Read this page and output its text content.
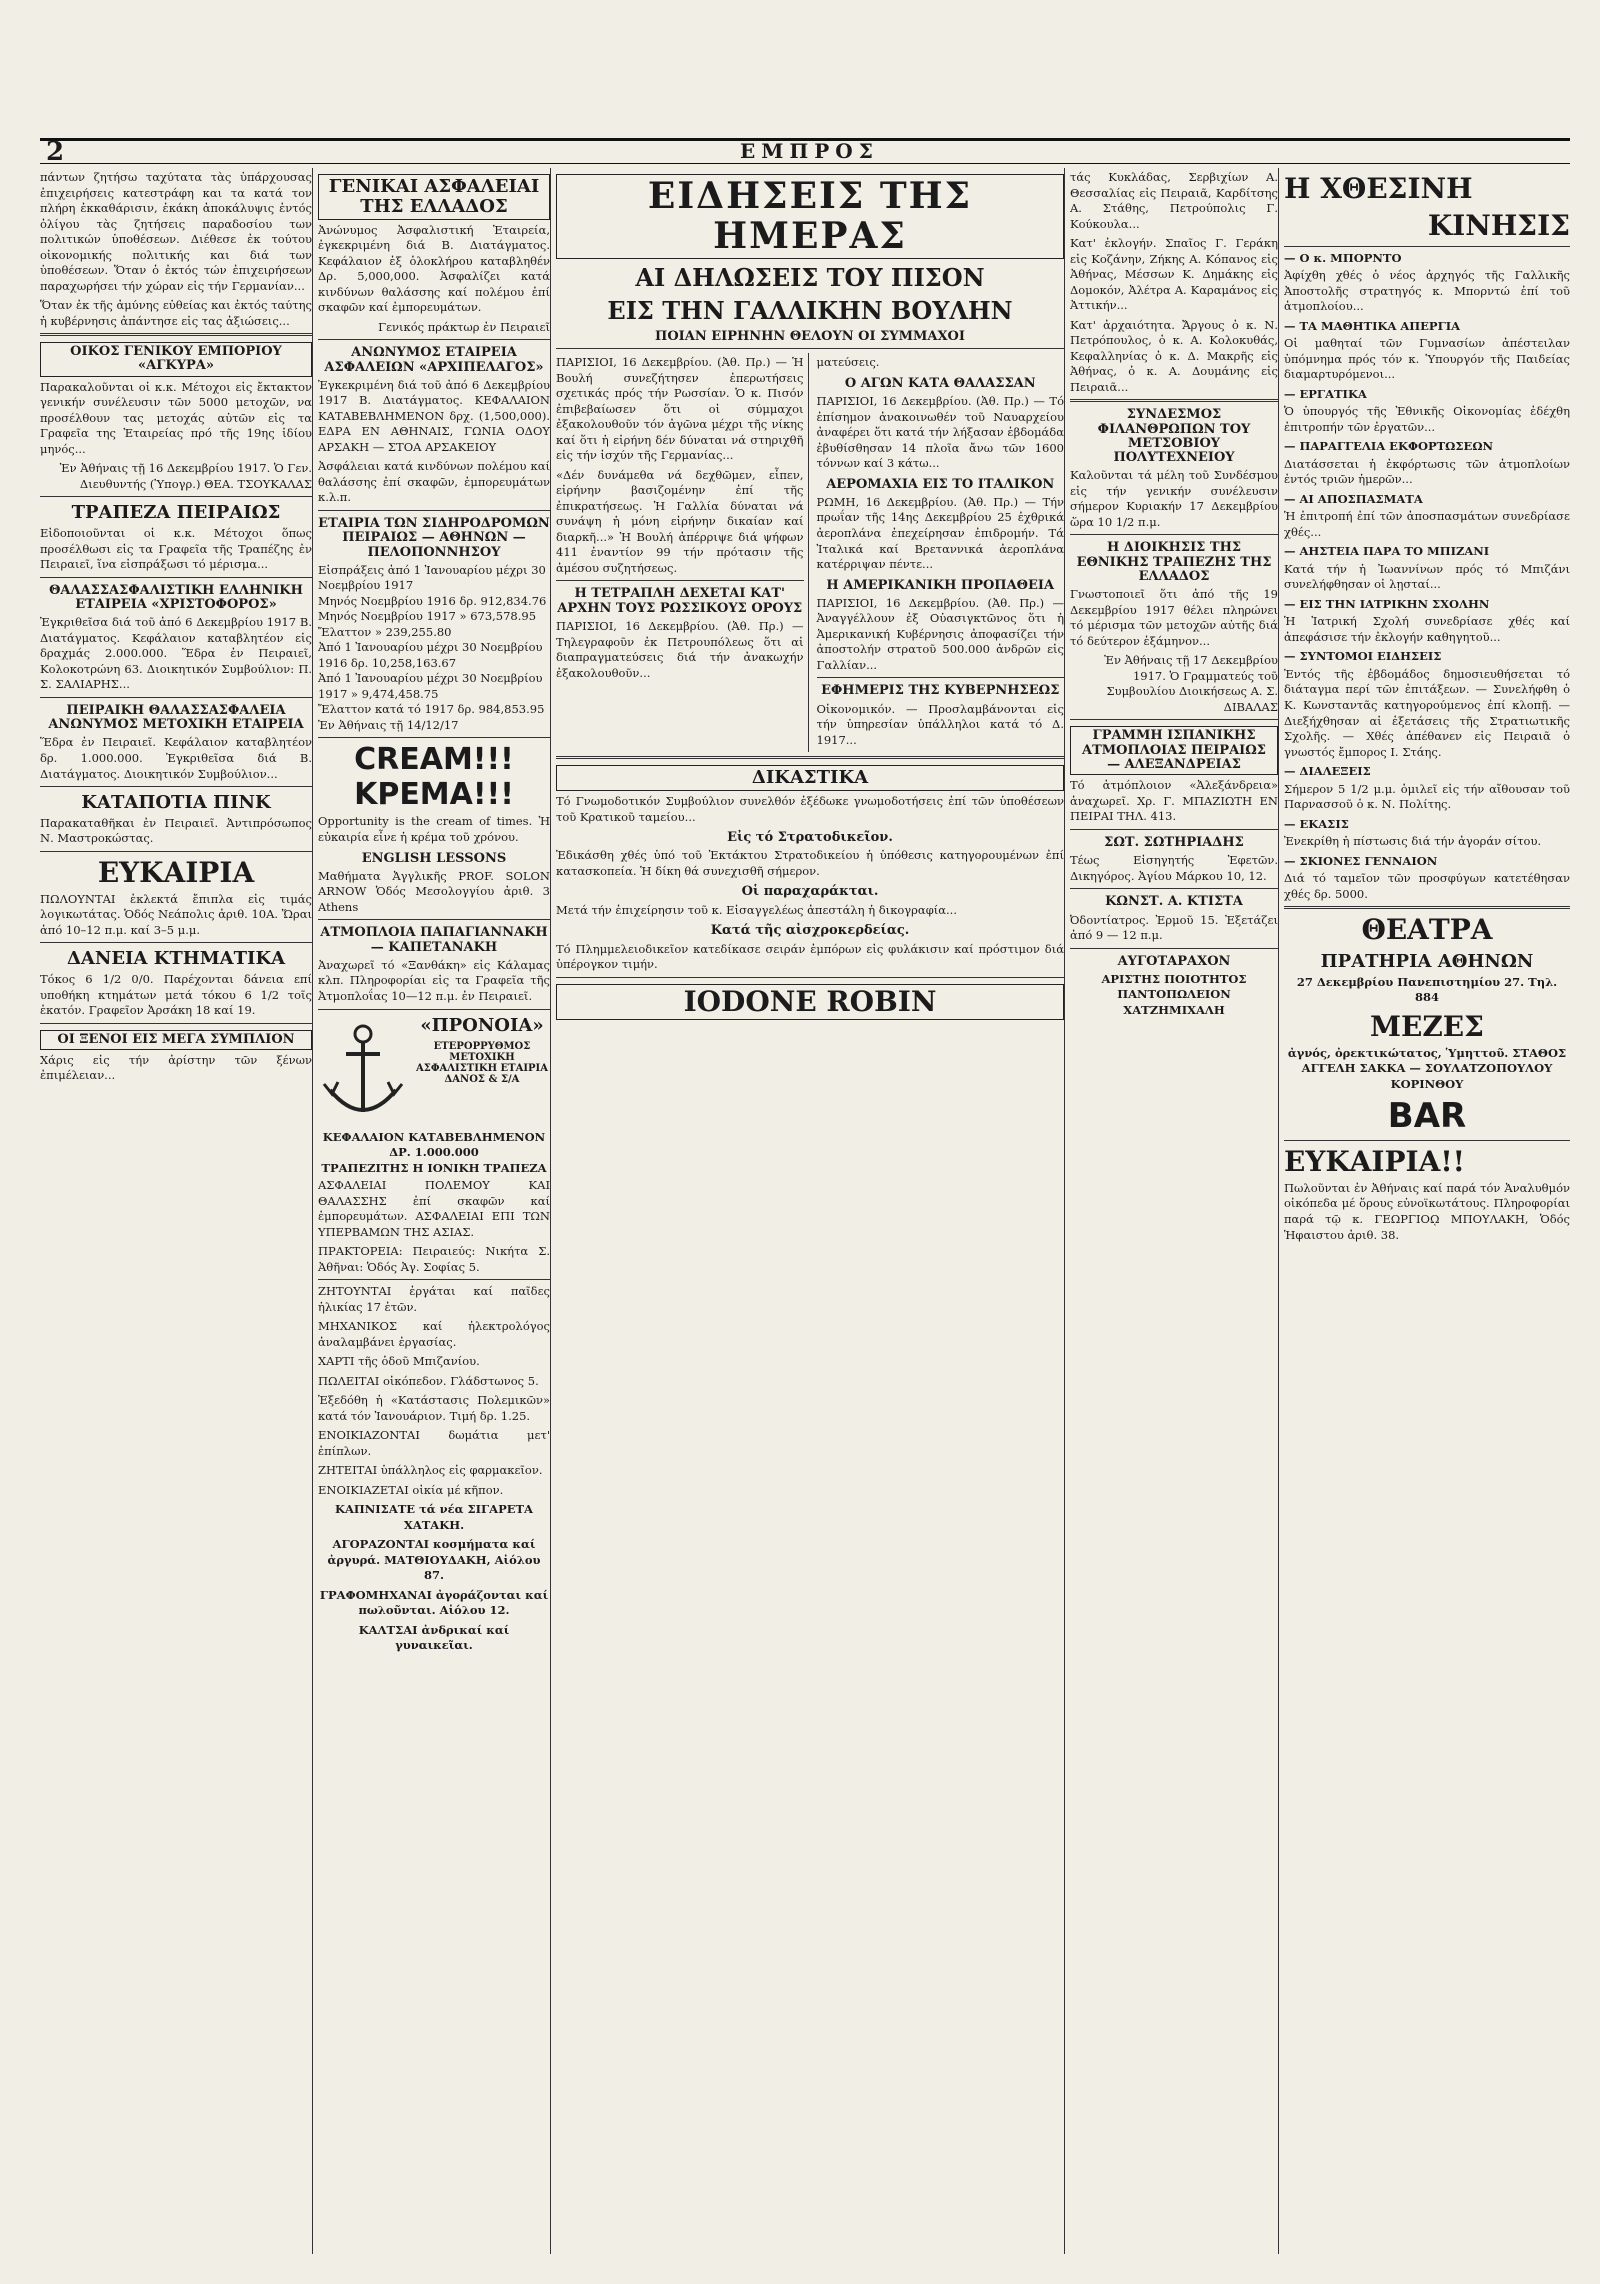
2	ΕΜΠΡΟΣ

πάντων ζητήσω ταχύτατα τὰς ὑπάρχουσας ἐπιχειρήσεις κατεστράφη και τα κατά τον πλήρη ἐκκαθάρισιν, ἐκάκη ἀποκάλυψις ἐντός ὀλίγου τὰς ζητήσεις παραδοσίου των πολιτικών ὑποθέσεων. Διέθεσε ἐκ τούτου οἰκονομικής πολιτικής και διά των ὑποθέσεων. Ὅταν ὁ ἐκτός τών ἐπιχειρήσεων παραχωρήσει τήν χώραν εἰς τήν Γερμανίαν...

Ὅταν ἐκ τῆς ἀμύνης εὐθείας και ἐκτός ταύτης ἡ κυβέρνησις ἀπάντησε εἰς τας ἀξιώσεις...

ΟΙΚΟΣ ΓΕΝΙΚΟΥ ΕΜΠΟΡΙΟΥ «ΑΓΚΥΡΑ»

Παρακαλοῦνται οἱ κ.κ. Μέτοχοι εἰς ἔκτακτον γενικήν συνέλευσιν τῶν 5000 μετοχῶν, να προσέλθουν τας μετοχάς αὐτῶν εἰς τα Γραφεῖα της Ἑταιρείας πρό τῆς 19ης ἰδίου μηνός...

Ἐν Ἀθήναις τῇ 16 Δεκεμβρίου 1917. Ὁ Γεν. Διευθυντής (Ὑπογρ.) ΘΕΑ. ΤΣΟΥΚΑΛΑΣ

ΤΡΑΠΕΖΑ ΠΕΙΡΑΙΩΣ

Εἰδοποιοῦνται οἱ κ.κ. Μέτοχοι ὅπως προσέλθωσι εἰς τα Γραφεῖα τῆς Τραπέζης ἐν Πειραιεῖ, ἵνα εἰσπράξωσι τό μέρισμα...

ΘΑΛΑΣΣΑΣΦΑΛΙΣΤΙΚΗ ΕΛΛΗΝΙΚΗ ΕΤΑΙΡΕΙΑ «ΧΡΙΣΤΟΦΟΡΟΣ»

Ἐγκριθεῖσα διά τοῦ ἀπό 6 Δεκεμβρίου 1917 Β. Διατάγματος. Κεφάλαιον καταβλητέον εἰς δραχμάς 2.000.000. Ἕδρα ἐν Πειραιεῖ, Κολοκοτρώνη 63. Διοικητικόν Συμβούλιον: Π. Σ. ΣΑΛΙΑΡΗΣ...

ΠΕΙΡΑΙΚΗ ΘΑΛΑΣΣΑΣΦΑΛΕΙΑ ΑΝΩΝΥΜΟΣ ΜΕΤΟΧΙΚΗ ΕΤΑΙΡΕΙΑ

Ἕδρα ἐν Πειραιεῖ. Κεφάλαιον καταβλητέον δρ. 1.000.000. Ἐγκριθεῖσα διά Β. Διατάγματος. Διοικητικόν Συμβούλιον...

ΚΑΤΑΠΟΤΙΑ ΠΙΝΚ

Παρακαταθῆκαι ἐν Πειραιεῖ. Ἀντιπρόσωπος Ν. Μαστροκώστας.

ΕΥΚΑΙΡΙΑ

ΠΩΛΟΥΝΤΑΙ ἐκλεκτά ἔπιπλα εἰς τιμάς λογικωτάτας. Ὁδός Νεάπολις ἀριθ. 10Α. Ὥραι ἀπό 10–12 π.μ. καί 3–5 μ.μ.

ΔΑΝΕΙΑ ΚΤΗΜΑΤΙΚΑ

Τόκος 6 1/2 0/0. Παρέχονται δάνεια επί υποθήκη κτημάτων μετά τόκου 6 1/2 τοῖς ἑκατόν. Γραφεῖον Ἀρσάκη 18 καί 19.

ΟΙ ΞΕΝΟΙ ΕΙΣ ΜΕΓΑ ΣΥΜΠΛΙΟΝ

Χάρις εἰς τήν ἀρίστην τῶν ξένων ἐπιμέλειαν...

ΓΕΝΙΚΑΙ ΑΣΦΑΛΕΙΑΙ ΤΗΣ ΕΛΛΑΔΟΣ

Ἀνώνυμος Ἀσφαλιστική Ἑταιρεία, ἐγκεκριμένη διά Β. Διατάγματος. Κεφάλαιον ἐξ ὁλοκλήρου καταβληθέν Δρ. 5,000,000. Ἀσφαλίζει κατά κινδύνων θαλάσσης καί πολέμου ἐπί σκαφῶν καί ἐμπορευμάτων.

Γενικός πράκτωρ ἐν Πειραιεῖ

ΑΝΩΝΥΜΟΣ ΕΤΑΙΡΕΙΑ ΑΣΦΑΛΕΙΩΝ «ΑΡΧΙΠΕΛΑΓΟΣ»

Ἐγκεκριμένη διά τοῦ ἀπό 6 Δεκεμβρίου 1917 Β. Διατάγματος. ΚΕΦΑΛΑΙΟΝ ΚΑΤΑΒΕΒΛΗΜΕΝΟΝ δρχ. (1,500,000). ΕΔΡΑ ΕΝ ΑΘΗΝΑΙΣ, ΓΩΝΙΑ ΟΔΟΥ ΑΡΣΑΚΗ — ΣΤΟΑ ΑΡΣΑΚΕΙΟΥ

Ἀσφάλειαι κατά κινδύνων πολέμου καί θαλάσσης ἐπί σκαφῶν, ἐμπορευμάτων κ.λ.π.

ΕΤΑΙΡΙΑ ΤΩΝ ΣΙΔΗΡΟΔΡΟΜΩΝ ΠΕΙΡΑΙΩΣ — ΑΘΗΝΩΝ — ΠΕΛΟΠΟΝΝΗΣΟΥ
Εἰσπράξεις ἀπό 1 Ἰανουαρίου μέχρι 30 Νοεμβρίου 1917
Μηνός Νοεμβρίου 1916 δρ. 912,834.76
Μηνός Νοεμβρίου 1917 » 673,578.95
Ἔλαττον » 239,255.80
Ἀπό 1 Ἰανουαρίου μέχρι 30 Νοεμβρίου 1916 δρ. 10,258,163.67
Ἀπό 1 Ἰανουαρίου μέχρι 30 Νοεμβρίου 1917 » 9,474,458.75
Ἔλαττον κατά τό 1917 δρ. 984,853.95
Ἐν Ἀθήναις τῇ 14/12/17
CREAM!!! ΚΡΕΜΑ!!!

Opportunity is the cream of times. Ἡ εὐκαιρία εἶνε ἡ κρέμα τοῦ χρόνου.

ENGLISH LESSONS

Μαθήματα Ἀγγλικῆς PROF. SOLON ARNOW Ὁδός Μεσολογγίου ἀριθ. 3 Athens

ΑΤΜΟΠΛΟΙΑ ΠΑΠΑΓΙΑΝΝΑΚΗ — ΚΑΠΕΤΑΝΑΚΗ

Ἀναχωρεῖ τό «Ξανθάκη» εἰς Κάλαμας κλπ. Πληροφορίαι εἰς τα Γραφεῖα τῆς Ἀτμοπλοΐας 10—12 π.μ. ἐν Πειραιεῖ.

«ΠΡΟΝΟΙΑ»
ΕΤΕΡΟΡΡΥΘΜΟΣ ΜΕΤΟΧΙΚΗ ΑΣΦΑΛΙΣΤΙΚΗ ΕΤΑΙΡΙΑ ΔΑΝΟΣ & Σ/Α
ΚΕΦΑΛΑΙΟΝ ΚΑΤΑΒΕΒΛΗΜΕΝΟΝ ΔΡ. 1.000.000
ΤΡΑΠΕΖΙΤΗΣ Η ΙΟΝΙΚΗ ΤΡΑΠΕΖΑ

ΑΣΦΑΛΕΙΑΙ ΠΟΛΕΜΟΥ ΚΑΙ ΘΑΛΑΣΣΗΣ ἐπί σκαφῶν καί ἐμπορευμάτων. ΑΣΦΑΛΕΙΑΙ ΕΠΙ ΤΩΝ ΥΠΕΡΒΑΜΩΝ ΤΗΣ ΑΣΙΑΣ.

ΠΡΑΚΤΟΡΕΙΑ: Πειραιεύς: Νικήτα Σ. Ἀθῆναι: Ὁδός Ἀγ. Σοφίας 5.

ΖΗΤΟΥΝΤΑΙ ἐργάται καί παῖδες ἡλικίας 17 ἐτῶν.

ΜΗΧΑΝΙΚΟΣ καί ἠλεκτρολόγος ἀναλαμβάνει ἐργασίας.

ΧΑΡΤΙ τῆς ὁδοῦ Μπιζανίου.

ΠΩΛΕΙΤΑΙ οἰκόπεδον. Γλάδστωνος 5.

Ἐξεδόθη ἡ «Κατάστασις Πολεμικῶν» κατά τόν Ἰανουάριον. Τιμή δρ. 1.25.

ΕΝΟΙΚΙΑΖΟΝΤΑΙ δωμάτια μετ' ἐπίπλων.

ΖΗΤΕΙΤΑΙ ὑπάλληλος εἰς φαρμακεῖον.

ΕΝΟΙΚΙΑΖΕΤΑΙ οἰκία μέ κῆπον.

ΚΑΠΝΙΣΑΤΕ τά νέα ΣΙΓΑΡΕΤΑ ΧΑΤΑΚΗ.

ΑΓΟΡΑΖΟΝΤΑΙ κοσμήματα καί ἀργυρά. ΜΑΤΘΙΟΥΔΑΚΗ, Αἰόλου 87.

ΓΡΑΦΟΜΗΧΑΝΑΙ ἀγοράζονται καί πωλοῦνται. Αἰόλου 12.

ΚΑΛΤΣΑΙ ἀνδρικαί καί γυναικεῖαι.

ΕΙΔΗΣΕΙΣ ΤΗΣ ΗΜΕΡΑΣ
ΑΙ ΔΗΛΩΣΕΙΣ ΤΟΥ ΠΙΣΟΝ
ΕΙΣ ΤΗΝ ΓΑΛΛΙΚΗΝ ΒΟΥΛΗΝ
ΠΟΙΑΝ ΕΙΡΗΝΗΝ ΘΕΛΟΥΝ ΟΙ ΣΥΜΜΑΧΟΙ

ΠΑΡΙΣΙΟΙ, 16 Δεκεμβρίου. (Ἀθ. Πρ.) — Ἡ Βουλή συνεζήτησεν ἐπερωτήσεις σχετικάς πρός τήν Ρωσσίαν. Ὁ κ. Πισόν ἐπιβεβαίωσεν ὅτι οἱ σύμμαχοι ἐξακολουθοῦν τόν ἀγῶνα μέχρι τῆς νίκης καί ὅτι ἡ εἰρήνη δέν δύναται νά στηριχθῆ εἰς τήν ἰσχύν τῆς Γερμανίας...

«Δέν δυνάμεθα νά δεχθῶμεν, εἶπεν, εἰρήνην βασιζομένην ἐπί τῆς ἐπικρατήσεως. Ἡ Γαλλία δύναται νά συνάψη ἡ μόνη εἰρήνην δικαίαν καί διαρκῆ...» Ἡ Βουλή ἀπέρριψε διά ψήφων 411 ἐναντίον 99 τήν πρότασιν τῆς ἀμέσου συζητήσεως.

Η ΤΕΤΡΑΠΛΗ ΔΕΧΕΤΑΙ ΚΑΤ' ΑΡΧΗΝ ΤΟΥΣ ΡΩΣΣΙΚΟΥΣ ΟΡΟΥΣ

ΠΑΡΙΣΙΟΙ, 16 Δεκεμβρίου. (Ἀθ. Πρ.) — Τηλεγραφοῦν ἐκ Πετρουπόλεως ὅτι αἱ διαπραγματεύσεις διά τήν ἀνακωχήν ἐξακολουθοῦν...

ματεύσεις.

Ο ΑΓΩΝ ΚΑΤΑ ΘΑΛΑΣΣΑΝ

ΠΑΡΙΣΙΟΙ, 16 Δεκεμβρίου. (Ἀθ. Πρ.) — Τό ἐπίσημον ἀνακοινωθέν τοῦ Ναυαρχείου ἀναφέρει ὅτι κατά τήν λήξασαν ἑβδομάδα ἐβυθίσθησαν 14 πλοῖα ἄνω τῶν 1600 τόννων καί 3 κάτω...

ΑΕΡΟΜΑΧΙΑ ΕΙΣ ΤΟ ΙΤΑΛΙΚΟΝ

ΡΩΜΗ, 16 Δεκεμβρίου. (Ἀθ. Πρ.) — Τήν πρωΐαν τῆς 14ης Δεκεμβρίου 25 ἐχθρικά ἀεροπλάνα ἐπεχείρησαν ἐπιδρομήν. Τά Ἰταλικά καί Βρεταννικά ἀεροπλάνα κατέρριψαν πέντε...

Η ΑΜΕΡΙΚΑΝΙΚΗ ΠΡΟΠΑΘΕΙΑ

ΠΑΡΙΣΙΟΙ, 16 Δεκεμβρίου. (Ἀθ. Πρ.) — Ἀναγγέλλουν ἐξ Οὐασιγκτῶνος ὅτι ἡ Ἀμερικανική Κυβέρνησις ἀποφασίζει τήν ἀποστολήν στρατοῦ 500.000 ἀνδρῶν εἰς Γαλλίαν...

ΕΦΗΜΕΡΙΣ ΤΗΣ ΚΥΒΕΡΝΗΣΕΩΣ

Οἰκονομικόν. — Προσλαμβάνονται εἰς τήν ὑπηρεσίαν ὑπάλληλοι κατά τό Δ. 1917...

ΔΙΚΑΣΤΙΚΑ

Τό Γνωμοδοτικόν Συμβούλιον συνελθόν ἐξέδωκε γνωμοδοτήσεις ἐπί τῶν ὑποθέσεων τοῦ Κρατικοῦ ταμείου...

Εἰς τό Στρατοδικεῖον.

Ἐδικάσθη χθές ὑπό τοῦ Ἐκτάκτου Στρατοδικείου ἡ ὑπόθεσις κατηγορουμένων ἐπί κατασκοπεία. Ἡ δίκη θά συνεχισθῆ σήμερον.

Οἱ παραχαράκται.

Μετά τήν ἐπιχείρησιν τοῦ κ. Εἰσαγγελέως ἀπεστάλη ἡ δικογραφία...

Κατά τῆς αἰσχροκερδείας.

Τό Πλημμελειοδικεῖον κατεδίκασε σειράν ἐμπόρων εἰς φυλάκισιν καί πρόστιμον διά ὑπέρογκον τιμήν.

IODONE ROBIN

τάς Κυκλάδας, Σερβιχίων Α. Θεσσαλίας εἰς Πειραιᾶ, Καρδίτσης Α. Στάθης, Πετρούπολις Γ. Κούκουλα...

Κατ' ἐκλογήν. Σπαῖος Γ. Γεράκη εἰς Κοζάνην, Ζήκης Α. Κόπανος εἰς Ἀθήνας, Μέσσων Κ. Δημάκης εἰς Δομοκόν, Ἀλέτρα Α. Καραμάνος εἰς Ἀττικήν...

Κατ' ἀρχαιότητα. Ἄργους ὁ κ. Ν. Πετρόπουλος, ὁ κ. Α. Κολοκυθάς, Κεφαλληνίας ὁ κ. Δ. Μακρῆς εἰς Ἀθήνας, ὁ κ. Α. Δουμάνης εἰς Πειραιᾶ...

ΣΥΝΔΕΣΜΟΣ ΦΙΛΑΝΘΡΩΠΩΝ ΤΟΥ ΜΕΤΣΟΒΙΟΥ ΠΟΛΥΤΕΧΝΕΙΟΥ

Καλοῦνται τά μέλη τοῦ Συνδέσμου εἰς τήν γενικήν συνέλευσιν σήμερον Κυριακήν 17 Δεκεμβρίου ὥρα 10 1/2 π.μ.

Η ΔΙΟΙΚΗΣΙΣ ΤΗΣ ΕΘΝΙΚΗΣ ΤΡΑΠΕΖΗΣ ΤΗΣ ΕΛΛΑΔΟΣ

Γνωστοποιεῖ ὅτι ἀπό τῆς 19 Δεκεμβρίου 1917 θέλει πληρώνει τό μέρισμα τῶν μετοχῶν αὐτῆς διά τό δεύτερον ἑξάμηνον...

Ἐν Ἀθήναις τῇ 17 Δεκεμβρίου 1917. Ὁ Γραμματεύς τοῦ Συμβουλίου Διοικήσεως Α. Σ. ΔΙΒΑΛΑΣ

ΓΡΑΜΜΗ ΙΣΠΑΝΙΚΗΣ ΑΤΜΟΠΛΟΙΑΣ ΠΕΙΡΑΙΩΣ — ΑΛΕΞΑΝΔΡΕΙΑΣ

Τό ἀτμόπλοιον «Ἀλεξάνδρεια» ἀναχωρεῖ. Χρ. Γ. ΜΠΑΖΙΩΤΗ ΕΝ ΠΕΙΡΑΙ ΤΗΛ. 413.

ΣΩΤ. ΣΩΤΗΡΙΑΔΗΣ

Τέως Εἰσηγητής Ἐφετῶν. Δικηγόρος. Ἀγίου Μάρκου 10, 12.

ΚΩΝΣΤ. Α. ΚΤΙΣΤΑ

Ὀδοντίατρος. Ἑρμοῦ 15. Ἐξετάζει ἀπό 9 — 12 π.μ.

ΑΥΓΟΤΑΡΑΧΟΝ

ΑΡΙΣΤΗΣ ΠΟΙΟΤΗΤΟΣ ΠΑΝΤΟΠΩΛΕΙΟΝ ΧΑΤΖΗΜΙΧΑΛΗ

Η ΧΘΕΣΙΝΗ
ΚΙΝΗΣΙΣ
— Ο κ. ΜΠΟΡΝΤΟ

Ἀφίχθη χθές ὁ νέος ἀρχηγός τῆς Γαλλικῆς Ἀποστολῆς στρατηγός κ. Μπορντώ ἐπί τοῦ ἀτμοπλοίου...

— ΤΑ ΜΑΘΗΤΙΚΑ ΑΠΕΡΓΙΑ

Οἱ μαθηταί τῶν Γυμνασίων ἀπέστειλαν ὑπόμνημα πρός τόν κ. Ὑπουργόν τῆς Παιδείας διαμαρτυρόμενοι...

— ΕΡΓΑΤΙΚΑ

Ὁ ὑπουργός τῆς Ἐθνικῆς Οἰκονομίας ἐδέχθη ἐπιτροπήν τῶν ἐργατῶν...

— ΠΑΡΑΓΓΕΛΙΑ ΕΚΦΟΡΤΩΣΕΩΝ

Διατάσσεται ἡ ἐκφόρτωσις τῶν ἀτμοπλοίων ἐντός τριῶν ἡμερῶν...

— ΑΙ ΑΠΟΣΠΑΣΜΑΤΑ

Ἡ ἐπιτροπή ἐπί τῶν ἀποσπασμάτων συνεδρίασε χθές...

— ΑΗΣΤΕΙΑ ΠΑΡΑ ΤΟ ΜΠΙΖΑΝΙ

Κατά τήν ἡ Ἰωαννίνων πρός τό Μπιζάνι συνελήφθησαν οἱ λῃσταί...

— ΕΙΣ ΤΗΝ ΙΑΤΡΙΚΗΝ ΣΧΟΛΗΝ

Ἡ Ἰατρική Σχολή συνεδρίασε χθές καί ἀπεφάσισε τήν ἐκλογήν καθηγητοῦ...

— ΣΥΝΤΟΜΟΙ ΕΙΔΗΣΕΙΣ

Ἐντός τῆς ἑβδομάδος δημοσιευθήσεται τό διάταγμα περί τῶν ἐπιτάξεων. — Συνελήφθη ὁ Κ. Κωνσταντᾶς κατηγορούμενος ἐπί κλοπῇ. — Διεξήχθησαν αἱ ἐξετάσεις τῆς Στρατιωτικῆς Σχολῆς. — Χθές ἀπέθανεν εἰς Πειραιᾶ ὁ γνωστός ἔμπορος Ι. Στάης.

— ΔΙΑΛΕΞΕΙΣ

Σήμερον 5 1/2 μ.μ. ὁμιλεῖ εἰς τήν αἴθουσαν τοῦ Παρνασσοῦ ὁ κ. Ν. Πολίτης.

— ΕΚΑΣΙΣ

Ἐνεκρίθη ἡ πίστωσις διά τήν ἀγοράν σίτου.

— ΣΚΙΟΝΕΣ ΓΕΝΝΑΙΟΝ

Διά τό ταμεῖον τῶν προσφύγων κατετέθησαν χθές δρ. 5000.

ΘΕΑΤΡΑ
ΠΡΑΤΗΡΙΑ ΑΘΗΝΩΝ

27 Δεκεμβρίου Πανεπιστημίου 27. Τηλ. 884

ΜΕΖΕΣ

ἀγνός, ὀρεκτικώτατος, Ὑμηττοῦ. ΣΤΑΘΟΣ ΑΓΓΕΛΗ ΣΑΚΚΑ — ΣΟΥΛΑΤΖΟΠΟΥΛΟΥ ΚΟΡΙΝΘΟΥ

BAR
ΕΥΚΑΙΡΙΑ!!

Πωλοῦνται ἐν Ἀθήναις καί παρά τόν Ἀναλυθμόν οἰκόπεδα μέ ὅρους εὐνοϊκωτάτους. Πληροφορίαι παρά τῷ κ. ΓΕΩΡΓΙΟῼ ΜΠΟΥΛΑΚΗ, Ὁδός Ἡφαιστου ἀριθ. 38.
